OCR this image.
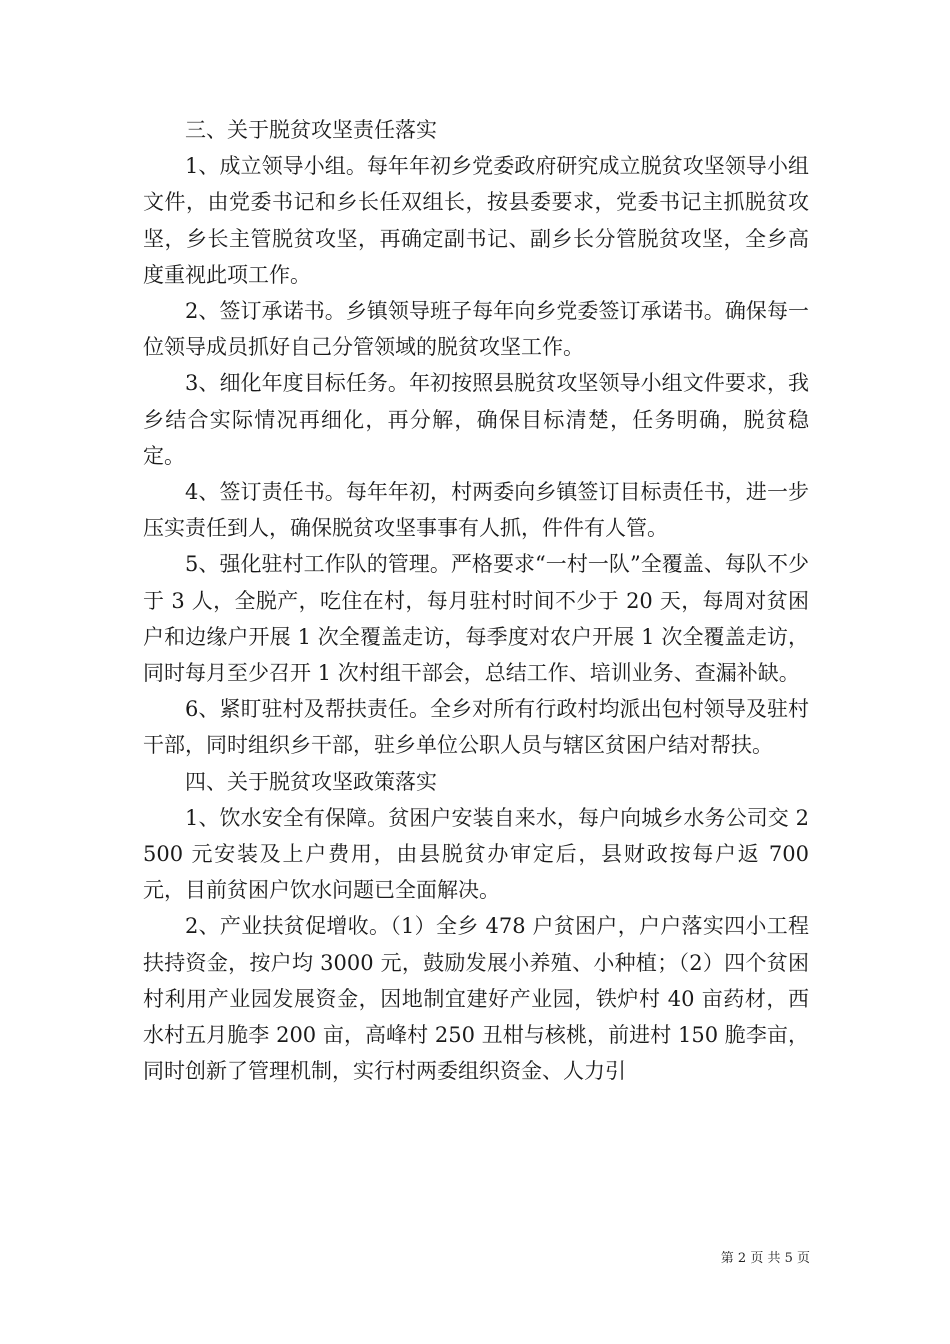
三、关于脱贫攻坚责任落实

1、成立领导小组。每年年初乡党委政府研究成立脱贫攻坚领导小组文件，由党委书记和乡长任双组长，按县委要求，党委书记主抓脱贫攻坚，乡长主管脱贫攻坚，再确定副书记、副乡长分管脱贫攻坚，全乡高度重视此项工作。

2、签订承诺书。乡镇领导班子每年向乡党委签订承诺书。确保每一位领导成员抓好自己分管领域的脱贫攻坚工作。

3、细化年度目标任务。年初按照县脱贫攻坚领导小组文件要求，我乡结合实际情况再细化，再分解，确保目标清楚，任务明确，脱贫稳定。

4、签订责任书。每年年初，村两委向乡镇签订目标责任书，进一步压实责任到人，确保脱贫攻坚事事有人抓，件件有人管。

5、强化驻村工作队的管理。严格要求“一村一队”全覆盖、每队不少于 3 人，全脱产，吃住在村，每月驻村时间不少于 20 天，每周对贫困户和边缘户开展 1 次全覆盖走访，每季度对农户开展 1 次全覆盖走访，同时每月至少召开 1 次村组干部会，总结工作、培训业务、查漏补缺。

6、紧盯驻村及帮扶责任。全乡对所有行政村均派出包村领导及驻村干部，同时组织乡干部，驻乡单位公职人员与辖区贫困户结对帮扶。

四、关于脱贫攻坚政策落实

1、饮水安全有保障。贫困户安装自来水，每户向城乡水务公司交 2500 元安装及上户费用，由县脱贫办审定后，县财政按每户返 700 元，目前贫困户饮水问题已全面解决。

2、产业扶贫促增收。（1）全乡 478 户贫困户，户户落实四小工程扶持资金，按户均 3000 元，鼓励发展小养殖、小种植；（2）四个贫困村利用产业园发展资金，因地制宜建好产业园，铁炉村 40 亩药材，西水村五月脆李 200 亩，高峰村 250 丑柑与核桃，前进村 150 脆李亩，同时创新了管理机制，实行村两委组织资金、人力引

第 2 页 共 5 页
